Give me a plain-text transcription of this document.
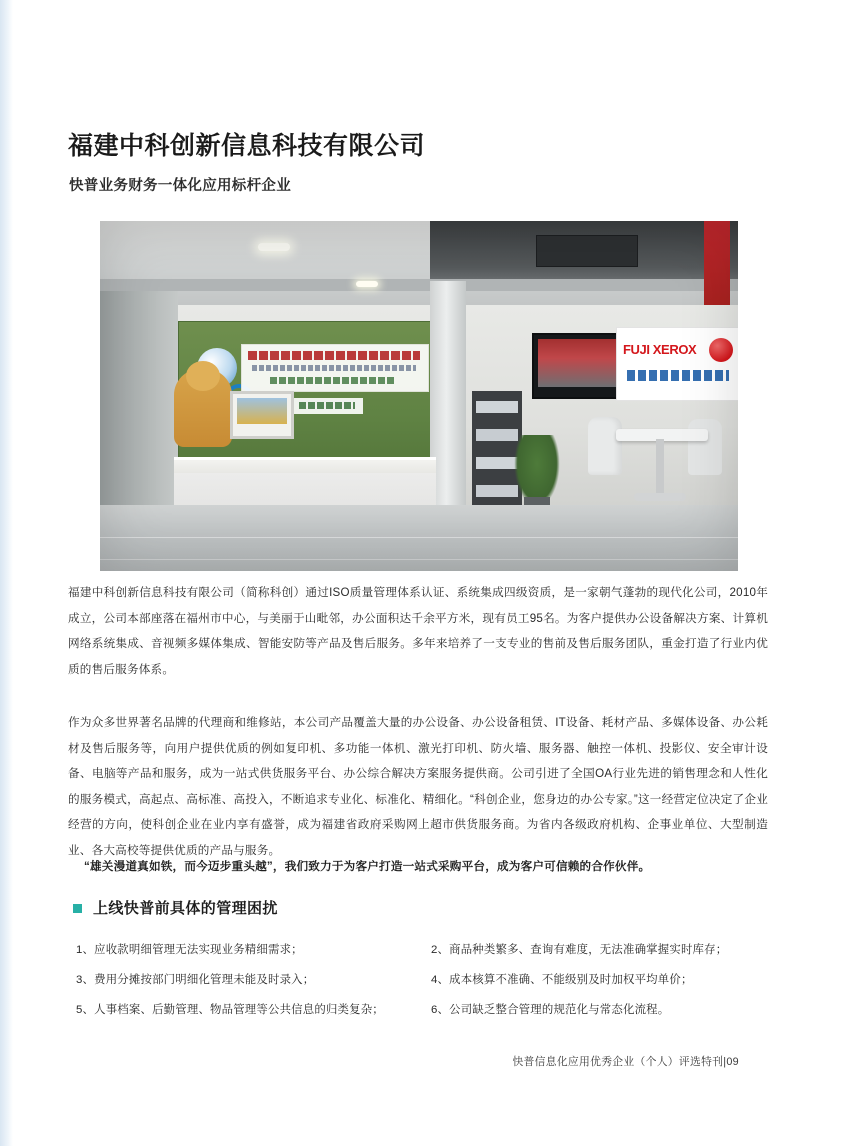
福建中科创新信息科技有限公司
快普业务财务一体化应用标杆企业
FUJI XEROX
福建中科创新信息科技有限公司（简称科创）通过ISO质量管理体系认证、系统集成四级资质，是一家朝气蓬勃的现代化公司，2010年成立，公司本部座落在福州市中心，与美丽于山毗邻，办公面积达千余平方米，现有员工95名。为客户提供办公设备解决方案、计算机网络系统集成、音视频多媒体集成、智能安防等产品及售后服务。多年来培养了一支专业的售前及售后服务团队，重金打造了行业内优质的售后服务体系。
作为众多世界著名品牌的代理商和维修站，本公司产品覆盖大量的办公设备、办公设备租赁、IT设备、耗材产品、多媒体设备、办公耗材及售后服务等，向用户提供优质的例如复印机、多功能一体机、激光打印机、防火墙、服务器、触控一体机、投影仪、安全审计设备、电脑等产品和服务，成为一站式供货服务平台、办公综合解决方案服务提供商。公司引进了全国OA行业先进的销售理念和人性化的服务模式，高起点、高标准、高投入，不断追求专业化、标准化、精细化。“科创企业，您身边的办公专家。”这一经营定位决定了企业经营的方向，使科创企业在业内享有盛誉，成为福建省政府采购网上超市供货服务商。为省内各级政府机构、企事业单位、大型制造业、各大高校等提供优质的产品与服务。
“雄关漫道真如铁，而今迈步重头越”，我们致力于为客户打造一站式采购平台，成为客户可信赖的合作伙伴。
上线快普前具体的管理困扰
1、应收款明细管理无法实现业务精细需求；	2、商品种类繁多、查询有难度，无法准确掌握实时库存；
3、费用分摊按部门明细化管理未能及时录入；	4、成本核算不准确、不能级别及时加权平均单价；
5、人事档案、后勤管理、物品管理等公共信息的归类复杂；	6、公司缺乏整合管理的规范化与常态化流程。
快普信息化应用优秀企业（个人）评选特刊|09
